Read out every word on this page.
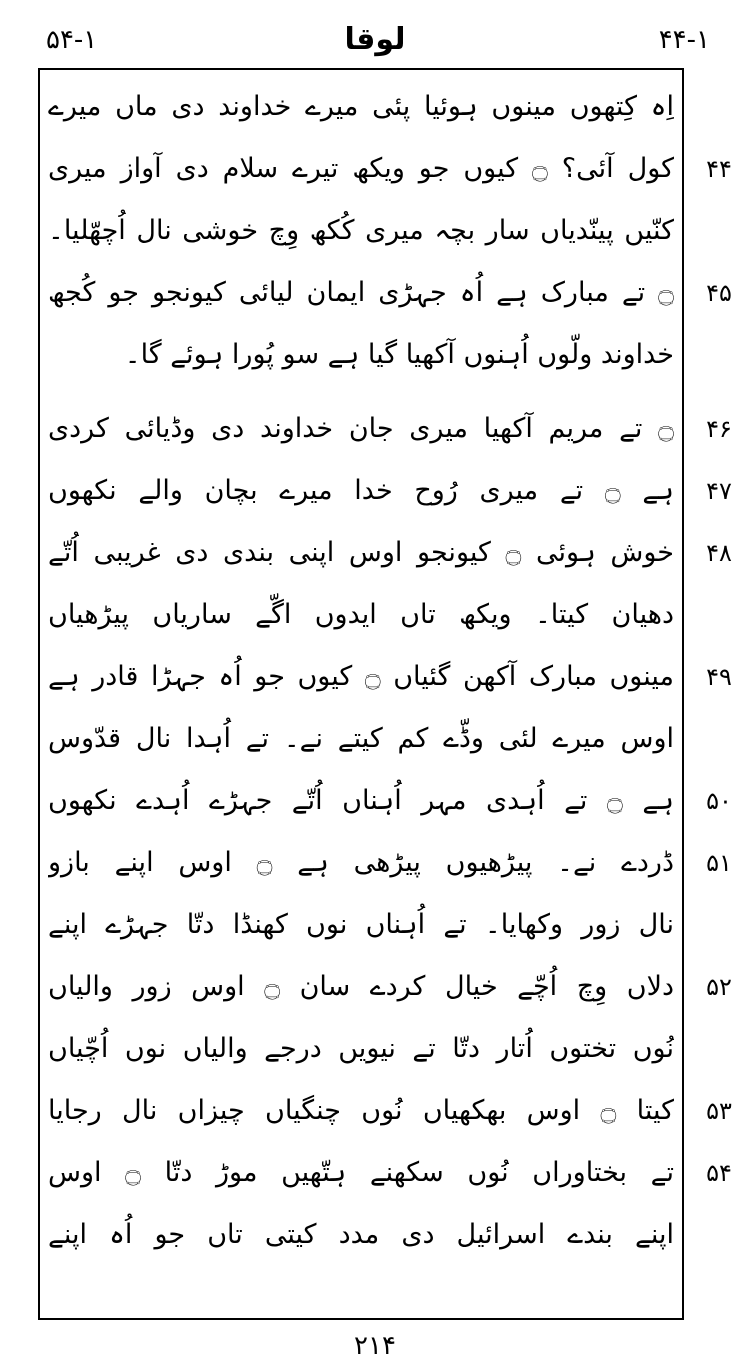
۵۴-۱	لوقا	۴۴-۱
اِہ کِتھوں مینوں ہوئیا پئی میرے خداوند دی ماں میرے
کول آئی؟ ۝ کیوں جو ویکھ تیرے سلام دی آواز میری
کنّیں پینّدیاں سار بچہ میری کُکھ وِچ خوشی نال اُچھّلیا۔
۝ تے مبارک ہے اُہ جہڑی ایمان لیائی کیونجو جو کُجھ
خداوند ولّوں اُہنوں آکھیا گیا ہے سو پُورا ہوئے گا۔
۝ تے مریم آکھیا میری جان خداوند دی وڈیائی کردی
ہے ۝ تے میری رُوح خدا میرے بچان والے نکھوں
خوش ہوئی ۝ کیونجو اوس اپنی بندی دی غریبی اُتّے
دھیان کیتا۔ ویکھ تاں ایدوں اگّے ساریاں پیڑھیاں
مینوں مبارک آکھن گئیاں ۝ کیوں جو اُہ جہڑا قادر ہے
اوس میرے لئی وڈّے کم کیتے نے۔ تے اُہدا نال قدّوس
ہے ۝ تے اُہدی مہر اُہناں اُتّے جہڑے اُہدے نکھوں
ڈردے نے۔ پیڑھیوں پیڑھی ہے ۝ اوس اپنے بازو
نال زور وکھایا۔ تے اُہناں نوں کھنڈا دتّا جہڑے اپنے
دلاں وِچ اُچّے خیال کردے سان ۝ اوس زور والیاں
نُوں تختوں اُتار دتّا تے نیویں درجے والیاں نوں اُچّیاں
کیتا ۝ اوس بھکھیاں نُوں چنگیاں چیزاں نال رجایا
تے بختاوراں نُوں سکھنے ہتّھیں موڑ دتّا ۝ اوس
اپنے بندے اسرائیل دی مدد کیتی تاں جو اُہ اپنے
۴۴
۴۵
۴۶
۴۷
۴۸
۴۹
۵۰
۵۱
۵۲
۵۳
۵۴
۲۱۴
